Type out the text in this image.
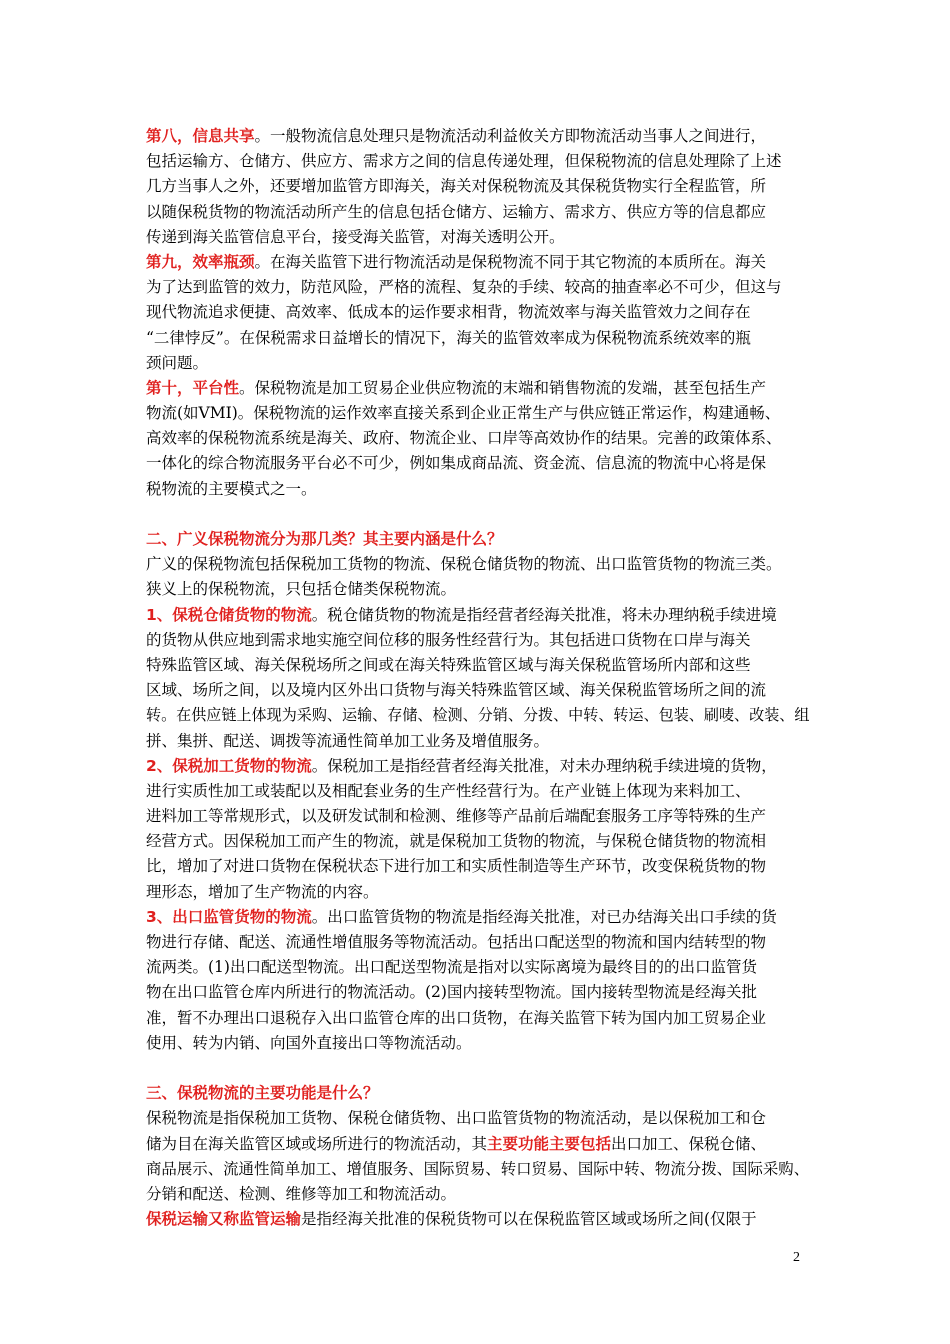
第八，信息共享。一般物流信息处理只是物流活动利益攸关方即物流活动当事人之间进行，
包括运输方、仓储方、供应方、需求方之间的信息传递处理，但保税物流的信息处理除了上述
几方当事人之外，还要增加监管方即海关，海关对保税物流及其保税货物实行全程监管，所
以随保税货物的物流活动所产生的信息包括仓储方、运输方、需求方、供应方等的信息都应
传递到海关监管信息平台，接受海关监管，对海关透明公开。
第九，效率瓶颈。在海关监管下进行物流活动是保税物流不同于其它物流的本质所在。海关
为了达到监管的效力，防范风险，严格的流程、复杂的手续、较高的抽查率必不可少，但这与
现代物流追求便捷、高效率、低成本的运作要求相背，物流效率与海关监管效力之间存在
“二律悖反”。在保税需求日益增长的情况下，海关的监管效率成为保税物流系统效率的瓶
颈问题。
第十，平台性。保税物流是加工贸易企业供应物流的末端和销售物流的发端，甚至包括生产
物流(如VMI)。保税物流的运作效率直接关系到企业正常生产与供应链正常运作，构建通畅、
高效率的保税物流系统是海关、政府、物流企业、口岸等高效协作的结果。完善的政策体系、
一体化的综合物流服务平台必不可少，例如集成商品流、资金流、信息流的物流中心将是保
税物流的主要模式之一。
二、广义保税物流分为那几类？其主要内涵是什么？
广义的保税物流包括保税加工货物的物流、保税仓储货物的物流、出口监管货物的物流三类。
狭义上的保税物流，只包括仓储类保税物流。
1、保税仓储货物的物流。税仓储货物的物流是指经营者经海关批准，将未办理纳税手续进境
的货物从供应地到需求地实施空间位移的服务性经营行为。其包括进口货物在口岸与海关
特殊监管区域、海关保税场所之间或在海关特殊监管区域与海关保税监管场所内部和这些
区域、场所之间，以及境内区外出口货物与海关特殊监管区域、海关保税监管场所之间的流
转。在供应链上体现为采购、运输、存储、检测、分销、分拨、中转、转运、包装、刷唛、改装、组
拼、集拼、配送、调拨等流通性简单加工业务及增值服务。
2、保税加工货物的物流。保税加工是指经营者经海关批准，对未办理纳税手续进境的货物，
进行实质性加工或装配以及相配套业务的生产性经营行为。在产业链上体现为来料加工、
进料加工等常规形式，以及研发试制和检测、维修等产品前后端配套服务工序等特殊的生产
经营方式。因保税加工而产生的物流，就是保税加工货物的物流，与保税仓储货物的物流相
比，增加了对进口货物在保税状态下进行加工和实质性制造等生产环节，改变保税货物的物
理形态，增加了生产物流的内容。
3、出口监管货物的物流。出口监管货物的物流是指经海关批准，对已办结海关出口手续的货
物进行存储、配送、流通性增值服务等物流活动。包括出口配送型的物流和国内结转型的物
流两类。(1)出口配送型物流。出口配送型物流是指对以实际离境为最终目的的出口监管货
物在出口监管仓库内所进行的物流活动。(2)国内接转型物流。国内接转型物流是经海关批
准，暂不办理出口退税存入出口监管仓库的出口货物，在海关监管下转为国内加工贸易企业
使用、转为内销、向国外直接出口等物流活动。
三、保税物流的主要功能是什么？
保税物流是指保税加工货物、保税仓储货物、出口监管货物的物流活动，是以保税加工和仓
储为目在海关监管区域或场所进行的物流活动，其主要功能主要包括出口加工、保税仓储、
商品展示、流通性简单加工、增值服务、国际贸易、转口贸易、国际中转、物流分拨、国际采购、
分销和配送、检测、维修等加工和物流活动。
保税运输又称监管运输是指经海关批准的保税货物可以在保税监管区域或场所之间(仅限于
2
